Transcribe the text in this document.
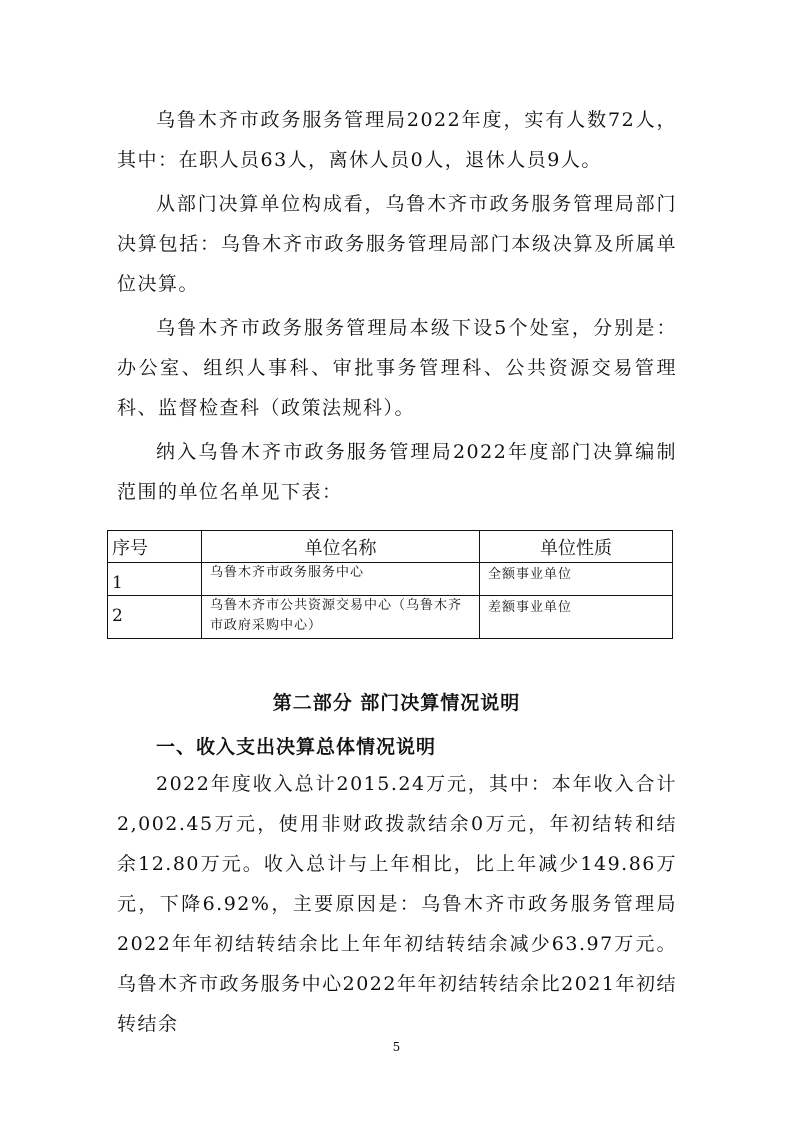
乌鲁木齐市政务服务管理局2022年度，实有人数72人，其中：在职人员63人，离休人员0人，退休人员9人。

从部门决算单位构成看，乌鲁木齐市政务服务管理局部门决算包括：乌鲁木齐市政务服务管理局部门本级决算及所属单位决算。

乌鲁木齐市政务服务管理局本级下设5个处室，分别是：办公室、组织人事科、审批事务管理科、公共资源交易管理科、监督检查科（政策法规科）。

纳入乌鲁木齐市政务服务管理局2022年度部门决算编制范围的单位名单见下表：

序号	单位名称	单位性质
1	乌鲁木齐市政务服务中心	全额事业单位
2	乌鲁木齐市公共资源交易中心（乌鲁木齐市政府采购中心）	差额事业单位
第二部分 部门决算情况说明
一、收入支出决算总体情况说明

2022年度收入总计2015.24万元，其中：本年收入合计2,002.45万元，使用非财政拨款结余0万元，年初结转和结余12.80万元。收入总计与上年相比，比上年减少149.86万元，下降6.92%，主要原因是：乌鲁木齐市政务服务管理局2022年年初结转结余比上年年初结转结余减少63.97万元。乌鲁木齐市政务服务中心2022年年初结转结余比2021年初结转结余

5
